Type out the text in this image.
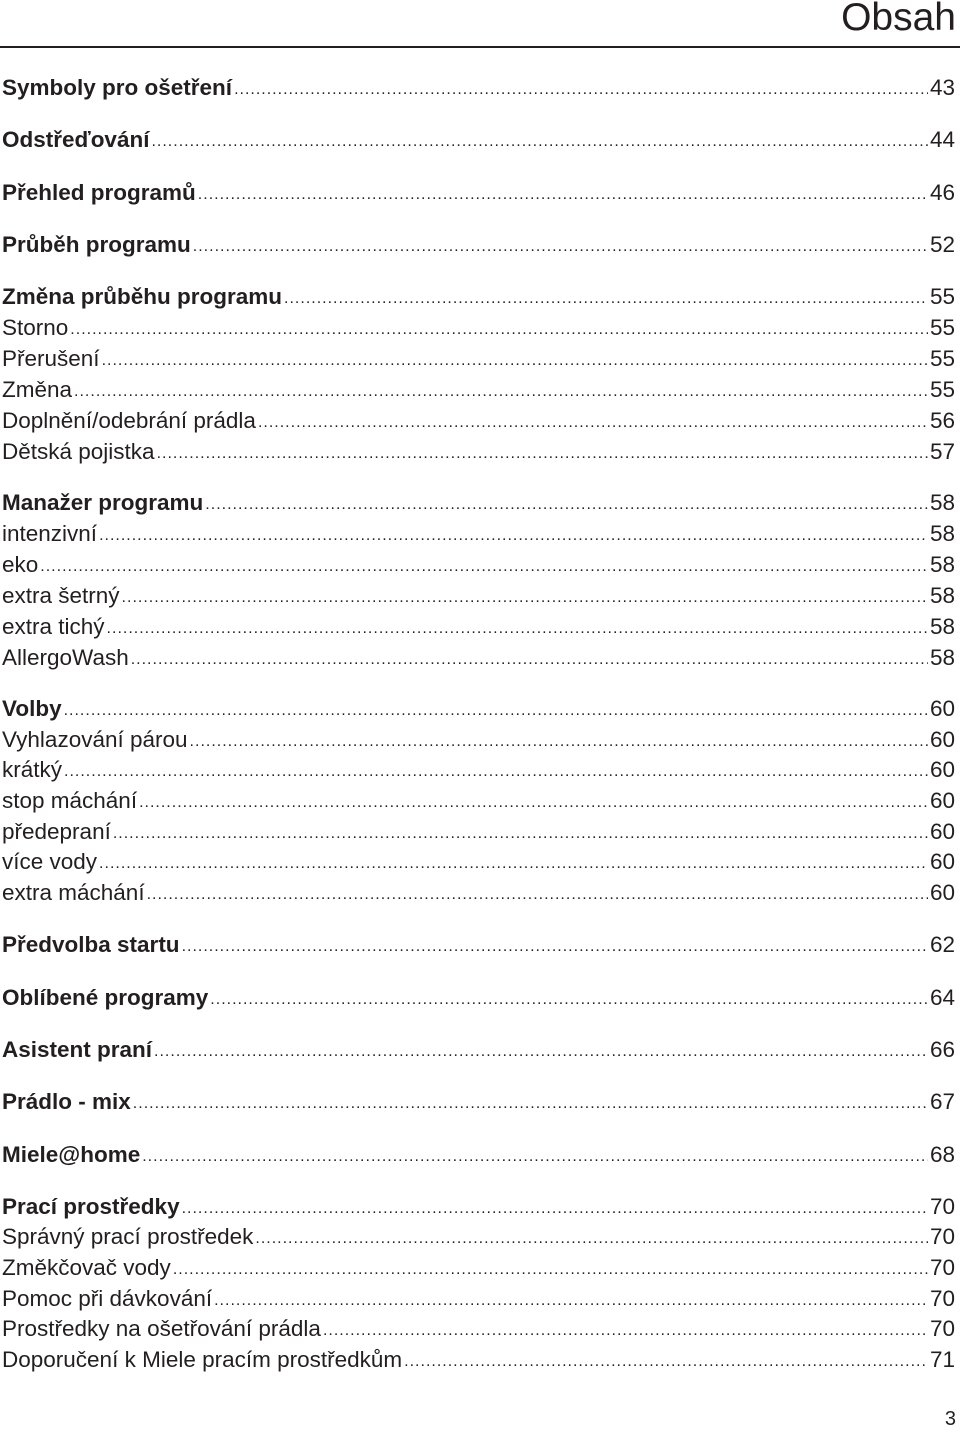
Obsah
Symboly pro ošetření .....	43
Odstřeďování .....	44
Přehled programů .....	46
Průběh programu .....	52
Změna průběhu programu .....	55
Storno .....	55
Přerušení .....	55
Změna .....	55
Doplnění/odebrání prádla .....	56
Dětská pojistka .....	57
Manažer programu .....	58
intenzivní .....	58
eko .....	58
extra šetrný .....	58
extra tichý .....	58
AllergoWash .....	58
Volby .....	60
Vyhlazování párou .....	60
krátký .....	60
stop máchání .....	60
předepraní .....	60
více vody .....	60
extra máchání .....	60
Předvolba startu .....	62
Oblíbené programy .....	64
Asistent praní .....	66
Prádlo - mix .....	67
Miele@home .....	68
Prací prostředky .....	70
Správný prací prostředek .....	70
Změkčovač vody .....	70
Pomoc při dávkování .....	70
Prostředky na ošetřování prádla .....	70
Doporučení k Miele pracím prostředkům .....	71
3
